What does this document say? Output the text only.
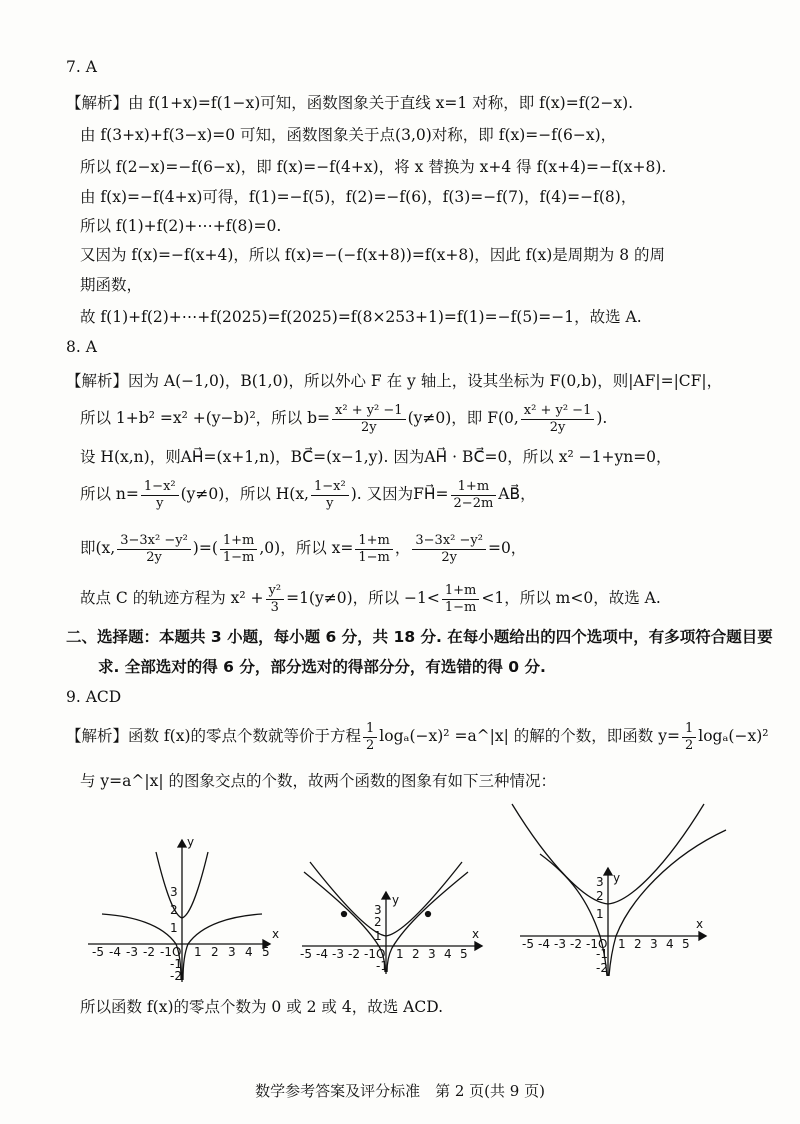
7. A
【解析】由 f(1+x)=f(1−x)可知，函数图象关于直线 x=1 对称，即 f(x)=f(2−x).
由 f(3+x)+f(3−x)=0 可知，函数图象关于点(3,0)对称，即 f(x)=−f(6−x)，
所以 f(2−x)=−f(6−x)，即 f(x)=−f(4+x)，将 x 替换为 x+4 得 f(x+4)=−f(x+8).
由 f(x)=−f(4+x)可得，f(1)=−f(5)，f(2)=−f(6)，f(3)=−f(7)，f(4)=−f(8)，
所以 f(1)+f(2)+⋯+f(8)=0.
又因为 f(x)=−f(x+4)，所以 f(x)=−(−f(x+8))=f(x+8)，因此 f(x)是周期为 8 的周
期函数，
故 f(1)+f(2)+⋯+f(2025)=f(2025)=f(8×253+1)=f(1)=−f(5)=−1，故选 A.
8. A
【解析】因为 A(−1,0)，B(1,0)，所以外心 F 在 y 轴上，设其坐标为 F(0,b)，则|AF|=|CF|，
所以 1+b² =x² +(y−b)²，所以 $b= \frac{\text{x² + y² −1}}{2y} (y\ne 0)$，即 F(0, $\frac{\text{x² + y² −1}}{2y}$ ).
设 H(x,n)，则AH⃗=(x+1,n)，BC⃗=(x−1,y). 因为AH⃗ · BC⃗=0，所以 x² −1+yn=0，
所以 $n= \frac{\text{1−x²}}{y} (y\ne 0)$，所以 H(x, $\frac{\text{1−x²}}{y}$ ). 又因为FH⃗= $\frac{1+m}{2-2m}$ AB⃗，
即(x, $\frac{\text{3−3x² −y²}}{2y}$ )=( $\frac{1+m}{1-m} ,0$)，所以 $x= \frac{1+m}{1-m}$ ， $\frac{\text{3−3x² −y²}}{2y} =0$，
故点 C 的轨迹方程为 $x^2 + \frac{\text{y²}}{3} =1(y\ne 0)$，所以 $-1< \frac{1+m}{1-m} <1$，所以 m<0，故选 A.
二、选择题：本题共 3 小题，每小题 6 分，共 18 分. 在每小题给出的四个选项中，有多项符合题目要
求. 全部选对的得 6 分，部分选对的得部分分，有选错的得 0 分.
9. ACD
【解析】函数 f(x)的零点个数就等价于方程 $\frac{1}{2} \log_a(-x)^2$ =a^|x| 的解的个数，即函数 $y= \frac{1}{2} \log_a(-x)^2$
与 y=a^|x| 的图象交点的个数，故两个函数的图象有如下三种情况：
y
x
3
2
1
-1
-2
O
-5 -4 -3 -2 -1 1 2 3 4 5
y
x
3
2
1
-1
O
-5 -4 -3 -2 -1 1 2 3 4 5
y
x
3
2
1
-1
-2
O
-5 -4 -3 -2 -1 1 2 3 4 5
所以函数 f(x)的零点个数为 0 或 2 或 4，故选 ACD.
数学参考答案及评分标准　第 2 页(共 9 页)
